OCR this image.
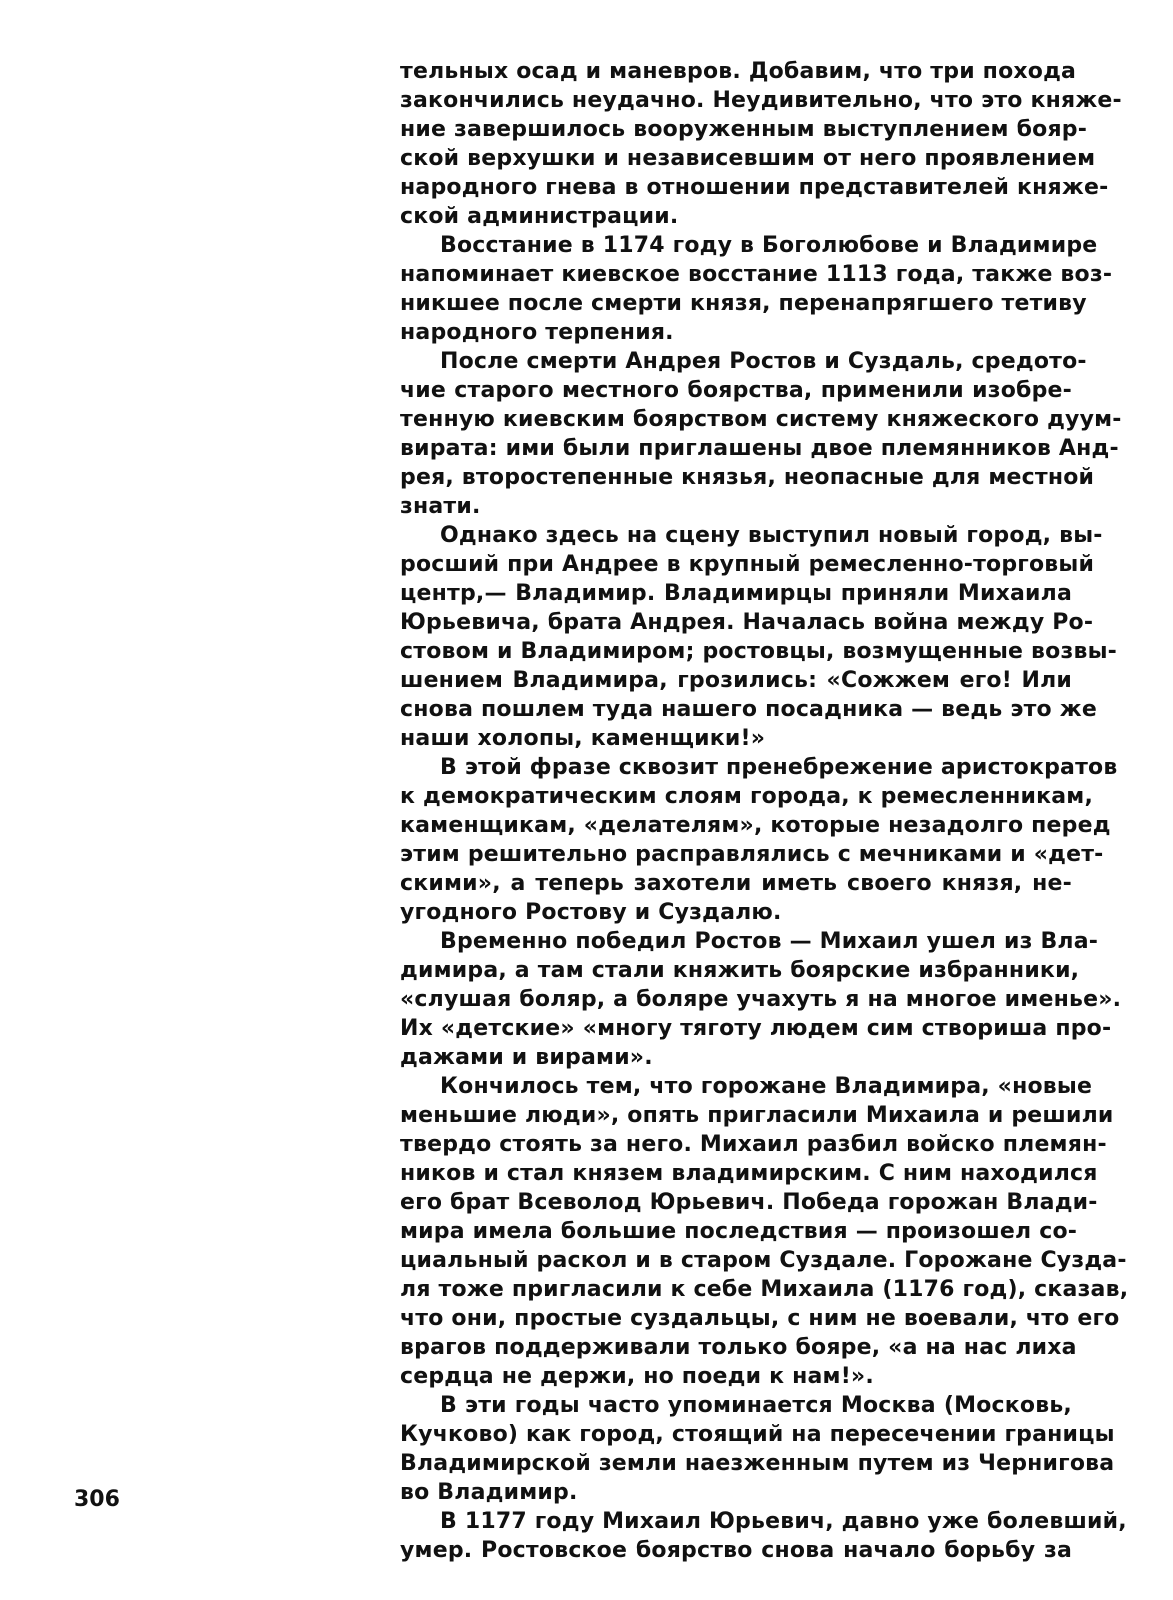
тельных осад и маневров. Добавим, что три похода
закончились неудачно. Неудивительно, что это княже-
ние завершилось вооруженным выступлением бояр-
ской верхушки и независевшим от него проявлением
народного гнева в отношении представителей княже-
ской администрации.
Восстание в 1174 году в Боголюбове и Владимире
напоминает киевское восстание 1113 года, также воз-
никшее после смерти князя, перенапрягшего тетиву
народного терпения.
После смерти Андрея Ростов и Суздаль, средото-
чие старого местного боярства, применили изобре-
тенную киевским боярством систему княжеского дуум-
вирата: ими были приглашены двое племянников Анд-
рея, второстепенные князья, неопасные для местной
знати.
Однако здесь на сцену выступил новый город, вы-
росший при Андрее в крупный ремесленно-торговый
центр,— Владимир. Владимирцы приняли Михаила
Юрьевича, брата Андрея. Началась война между Ро-
стовом и Владимиром; ростовцы, возмущенные возвы-
шением Владимира, грозились: «Сожжем его! Или
снова пошлем туда нашего посадника — ведь это же
наши холопы, каменщики!»
В этой фразе сквозит пренебрежение аристократов
к демократическим слоям города, к ремесленникам,
каменщикам, «делателям», которые незадолго перед
этим решительно расправлялись с мечниками и «дет-
скими», а теперь захотели иметь своего князя, не-
угодного Ростову и Суздалю.
Временно победил Ростов — Михаил ушел из Вла-
димира, а там стали княжить боярские избранники,
«слушая боляр, а боляре учахуть я на многое именье».
Их «детские» «многу тяготу людем сим створиша про-
дажами и вирами».
Кончилось тем, что горожане Владимира, «новые
меньшие люди», опять пригласили Михаила и решили
твердо стоять за него. Михаил разбил войско племян-
ников и стал князем владимирским. С ним находился
его брат Всеволод Юрьевич. Победа горожан Влади-
мира имела большие последствия — произошел со-
циальный раскол и в старом Суздале. Горожане Сузда-
ля тоже пригласили к себе Михаила (1176 год), сказав,
что они, простые суздальцы, с ним не воевали, что его
врагов поддерживали только бояре, «а на нас лиха
сердца не держи, но поеди к нам!».
В эти годы часто упоминается Москва (Московь,
Кучково) как город, стоящий на пересечении границы
Владимирской земли наезженным путем из Чернигова
во Владимир.
В 1177 году Михаил Юрьевич, давно уже болевший,
умер. Ростовское боярство снова начало борьбу за
306
